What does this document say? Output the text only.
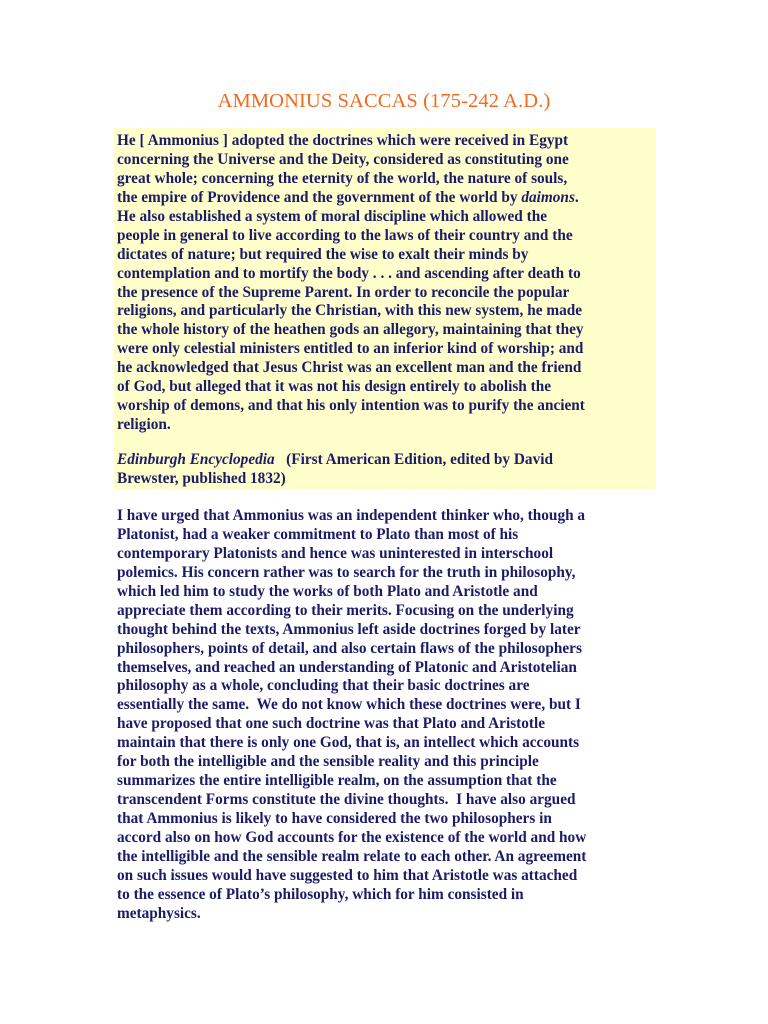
AMMONIUS SACCAS (175-242 A.D.)
He [ Ammonius ] adopted the doctrines which were received in Egypt
concerning the Universe and the Deity, considered as constituting one
great whole; concerning the eternity of the world, the nature of souls,
the empire of Providence and the government of the world by daimons.
He also established a system of moral discipline which allowed the
people in general to live according to the laws of their country and the
dictates of nature; but required the wise to exalt their minds by
contemplation and to mortify the body . . . and ascending after death to
the presence of the Supreme Parent. In order to reconcile the popular
religions, and particularly the Christian, with this new system, he made
the whole history of the heathen gods an allegory, maintaining that they
were only celestial ministers entitled to an inferior kind of worship; and
he acknowledged that Jesus Christ was an excellent man and the friend
of God, but alleged that it was not his design entirely to abolish the
worship of demons, and that his only intention was to purify the ancient
religion.
Edinburgh Encyclopedia   (First American Edition, edited by David
Brewster, published 1832)
I have urged that Ammonius was an independent thinker who, though a
Platonist, had a weaker commitment to Plato than most of his
contemporary Platonists and hence was uninterested in interschool
polemics. His concern rather was to search for the truth in philosophy,
which led him to study the works of both Plato and Aristotle and
appreciate them according to their merits. Focusing on the underlying
thought behind the texts, Ammonius left aside doctrines forged by later
philosophers, points of detail, and also certain flaws of the philosophers
themselves, and reached an understanding of Platonic and Aristotelian
philosophy as a whole, concluding that their basic doctrines are
essentially the same.  We do not know which these doctrines were, but I
have proposed that one such doctrine was that Plato and Aristotle
maintain that there is only one God, that is, an intellect which accounts
for both the intelligible and the sensible reality and this principle
summarizes the entire intelligible realm, on the assumption that the
transcendent Forms constitute the divine thoughts.  I have also argued
that Ammonius is likely to have considered the two philosophers in
accord also on how God accounts for the existence of the world and how
the intelligible and the sensible realm relate to each other. An agreement
on such issues would have suggested to him that Aristotle was attached
to the essence of Plato’s philosophy, which for him consisted in
metaphysics.
